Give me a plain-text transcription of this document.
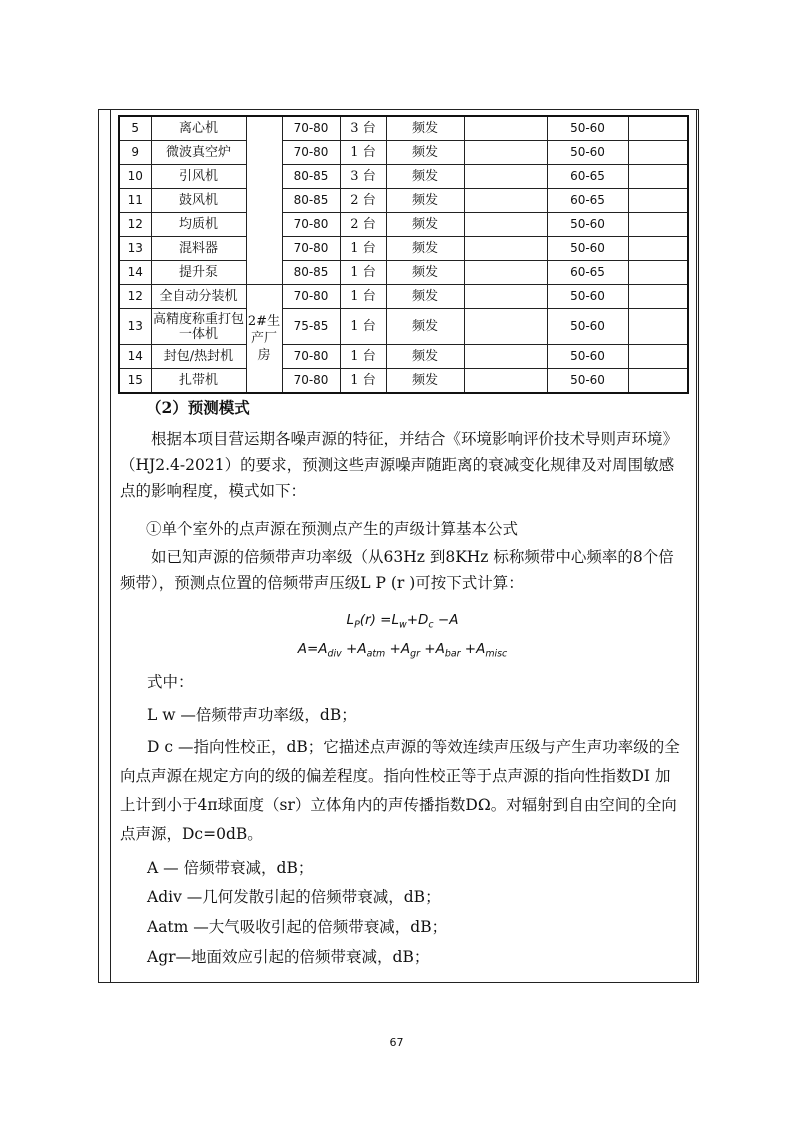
5	离心机		70-80	3 台	频发		50-60	
9	微波真空炉		70-80	1 台	频发		50-60	
10	引风机		80-85	3 台	频发		60-65	
11	鼓风机		80-85	2 台	频发		60-65	
12	均质机		70-80	2 台	频发		50-60	
13	混料器		70-80	1 台	频发		50-60	
14	提升泵		80-85	1 台	频发		60-65	
12	全自动分装机	2#生产厂房	70-80	1 台	频发		50-60	
13	高精度称重打包一体机		75-85	1 台	频发		50-60	
14	封包/热封机		70-80	1 台	频发		50-60	
15	扎带机		70-80	1 台	频发		50-60	
（2）预测模式
根据本项目营运期各噪声源的特征，并结合《环境影响评价技术导则声环境》（HJ2.4-2021）的要求，预测这些声源噪声随距离的衰减变化规律及对周围敏感点的影响程度，模式如下：
①单个室外的点声源在预测点产生的声级计算基本公式
如已知声源的倍频带声功率级（从63Hz 到8KHz 标称频带中心频率的8个倍频带），预测点位置的倍频带声压级L P (r )可按下式计算：
$L_P(r) =L_w+D_c -A$
$A=A_{div} +A_{atm} +A_{gr} +A_{bar} +A_{misc}$
式中：
L w —倍频带声功率级，dB；
D c —指向性校正，dB；它描述点声源的等效连续声压级与产生声功率级的全向点声源在规定方向的级的偏差程度。指向性校正等于点声源的指向性指数DI 加上计到小于4π球面度（sr）立体角内的声传播指数DΩ。对辐射到自由空间的全向点声源，Dc=0dB。
A — 倍频带衰减，dB；
Adiv —几何发散引起的倍频带衰减，dB；
Aatm —大气吸收引起的倍频带衰减，dB；
Agr—地面效应引起的倍频带衰减，dB；
67
